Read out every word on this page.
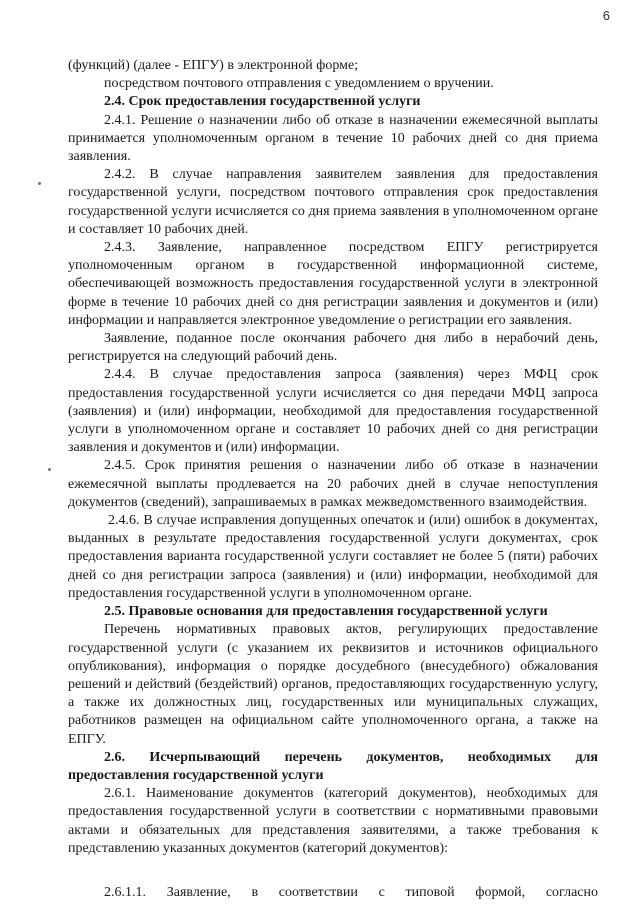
6

(функций) (далее - ЕПГУ) в электронной форме;

посредством почтового отправления с уведомлением о вручении.

2.4. Срок предоставления государственной услуги

2.4.1. Решение о назначении либо об отказе в назначении ежемесячной выплаты принимается уполномоченным органом в течение 10 рабочих дней со дня приема заявления.

2.4.2. В случае направления заявителем заявления для предоставления государственной услуги, посредством почтового отправления срок предоставления государственной услуги исчисляется со дня приема заявления в уполномоченном органе и составляет 10 рабочих дней.

2.4.3. Заявление, направленное посредством ЕПГУ регистрируется уполномоченным органом в государственной информационной системе, обеспечивающей возможность предоставления государственной услуги в электронной форме в течение 10 рабочих дней со дня регистрации заявления и документов и (или) информации и направляется электронное уведомление о регистрации его заявления.

Заявление, поданное после окончания рабочего дня либо в нерабочий день, регистрируется на следующий рабочий день.

2.4.4. В случае предоставления запроса (заявления) через МФЦ срок предоставления государственной услуги исчисляется со дня передачи МФЦ запроса (заявления) и (или) информации, необходимой для предоставления государственной услуги в уполномоченном органе и составляет 10 рабочих дней со дня регистрации заявления и документов и (или) информации.

2.4.5. Срок принятия решения о назначении либо об отказе в назначении ежемесячной выплаты продлевается на 20 рабочих дней в случае непоступления документов (сведений), запрашиваемых в рамках межведомственного взаимодействия.

2.4.6. В случае исправления допущенных опечаток и (или) ошибок в документах, выданных в результате предоставления государственной услуги документах, срок предоставления варианта государственной услуги составляет не более 5 (пяти) рабочих дней со дня регистрации запроса (заявления) и (или) информации, необходимой для предоставления государственной услуги в уполномоченном органе.

2.5. Правовые основания для предоставления государственной услуги

Перечень нормативных правовых актов, регулирующих предоставление государственной услуги (с указанием их реквизитов и источников официального опубликования), информация о порядке досудебного (внесудебного) обжалования решений и действий (бездействий) органов, предоставляющих государственную услугу, а также их должностных лиц, государственных или муниципальных служащих, работников размещен на официальном сайте уполномоченного органа, а также на ЕПГУ.

2.6. Исчерпывающий перечень документов, необходимых для предоставления государственной услуги

2.6.1. Наименование документов (категорий документов), необходимых для предоставления государственной услуги в соответствии с нормативными правовыми актами и обязательных для представления заявителями, а также требования к представлению указанных документов (категорий документов):

2.6.1.1. Заявление, в соответствии с типовой формой, согласно
